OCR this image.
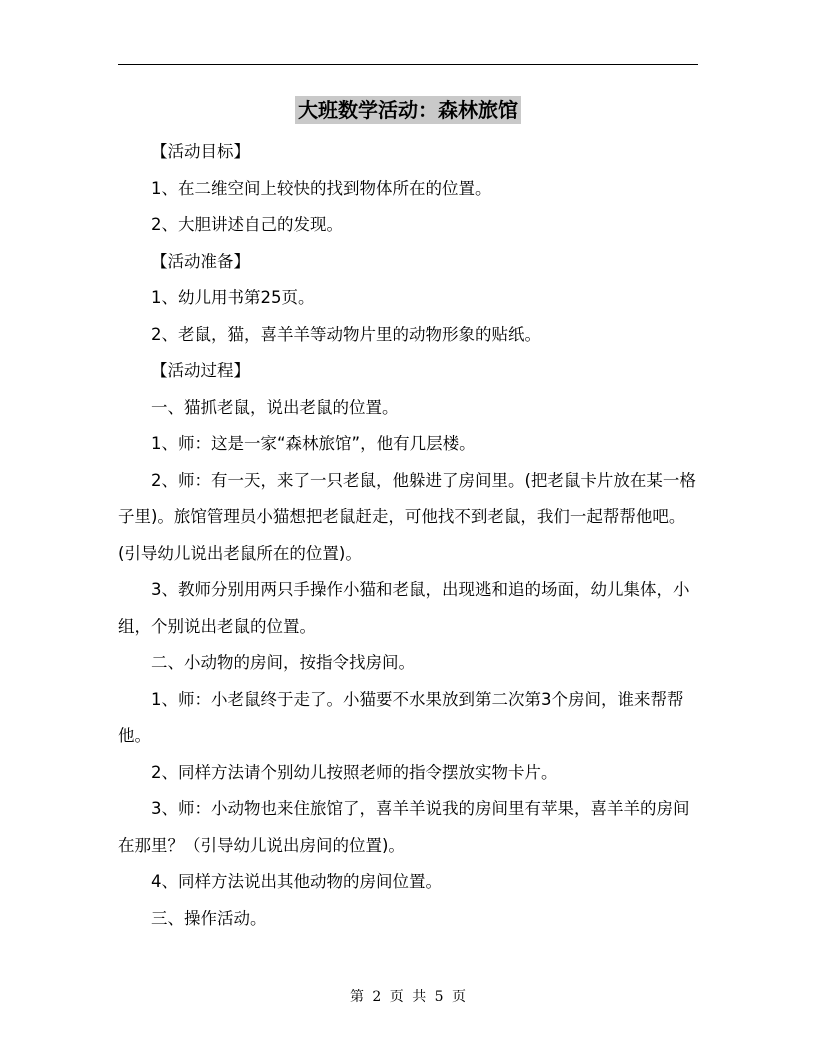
大班数学活动：森林旅馆

【活动目标】

1、在二维空间上较快的找到物体所在的位置。

2、大胆讲述自己的发现。

【活动准备】

1、幼儿用书第25页。

2、老鼠，猫，喜羊羊等动物片里的动物形象的贴纸。

【活动过程】

一、猫抓老鼠，说出老鼠的位置。

1、师：这是一家“森林旅馆”，他有几层楼。

2、师：有一天，来了一只老鼠，他躲进了房间里。(把老鼠卡片放在某一格子里)。旅馆管理员小猫想把老鼠赶走，可他找不到老鼠，我们一起帮帮他吧。(引导幼儿说出老鼠所在的位置)。

3、教师分别用两只手操作小猫和老鼠，出现逃和追的场面，幼儿集体，小组，个别说出老鼠的位置。

二、小动物的房间，按指令找房间。

1、师：小老鼠终于走了。小猫要不水果放到第二次第3个房间，谁来帮帮他。

2、同样方法请个别幼儿按照老师的指令摆放实物卡片。

3、师：小动物也来住旅馆了，喜羊羊说我的房间里有苹果，喜羊羊的房间在那里？（引导幼儿说出房间的位置)。

4、同样方法说出其他动物的房间位置。

三、操作活动。

第 2 页 共 5 页
